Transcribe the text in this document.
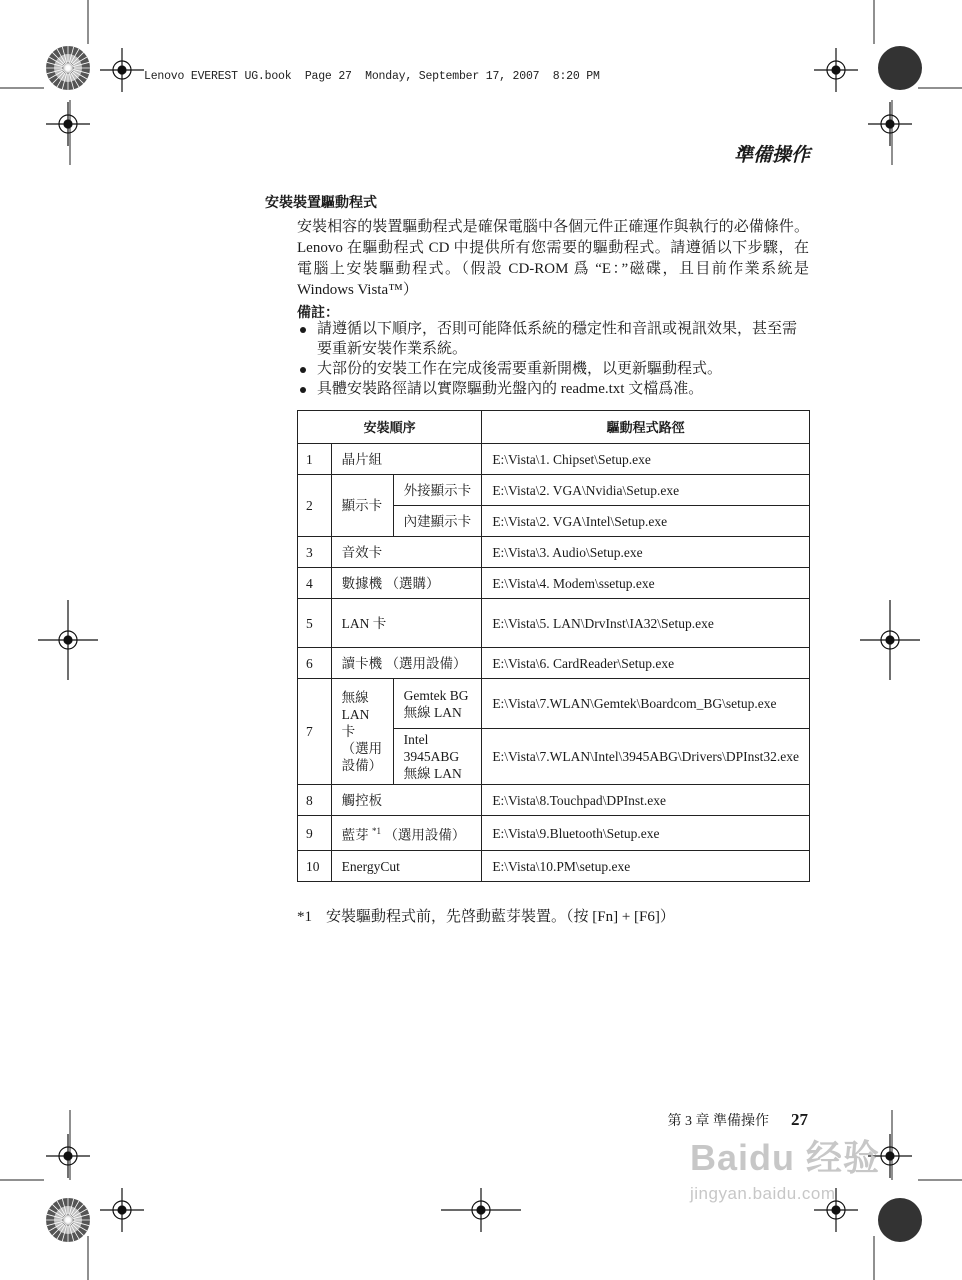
Lenovo EVEREST UG.book  Page 27  Monday, September 17, 2007  8:20 PM
準備操作
安裝裝置驅動程式

安裝相容的裝置驅動程式是確保電腦中各個元件正確運作與執行的必備條件。Lenovo 在驅動程式 CD 中提供所有您需要的驅動程式。請遵循以下步驟，在電腦上安裝驅動程式。（假設 CD-ROM 爲 “E：”磁碟，且目前作業系統是 Windows Vista™）

備註：
請遵循以下順序，否則可能降低系統的穩定性和音訊或視訊效果，甚至需要重新安裝作業系統。
大部份的安裝工作在完成後需要重新開機，以更新驅動程式。
具體安裝路徑請以實際驅動光盤內的 readme.txt 文檔爲准。
安裝順序			驅動程式路徑
1	晶片組		E:\Vista\1. Chipset\Setup.exe
2	顯示卡	外接顯示卡	E:\Vista\2. VGA\Nvidia\Setup.exe
		內建顯示卡	E:\Vista\2. VGA\Intel\Setup.exe
3	音效卡		E:\Vista\3. Audio\Setup.exe
4	數據機 （選購）		E:\Vista\4. Modem\ssetup.exe
5	LAN 卡		E:\Vista\5. LAN\DrvInst\IA32\Setup.exe
6	讀卡機 （選用設備）		E:\Vista\6. CardReader\Setup.exe
7	無線 LAN 卡 （選用設備）	Gemtek BG 無線 LAN	E:\Vista\7.WLAN\Gemtek\Boardcom_BG\setup.exe
		Intel 3945ABG 無線 LAN	E:\Vista\7.WLAN\Intel\3945ABG\Drivers\DPInst32.exe
8	觸控板		E:\Vista\8.Touchpad\DPInst.exe
9	藍芽 $^{*1}$ （選用設備）		E:\Vista\9.Bluetooth\Setup.exe
10	EnergyCut		E:\Vista\10.PM\setup.exe
*1 安裝驅動程式前，先啓動藍芽裝置。（按 [Fn] + [F6]）
第 3 章 準備操作 27
Baidu 经验
jingyan.baidu.com
